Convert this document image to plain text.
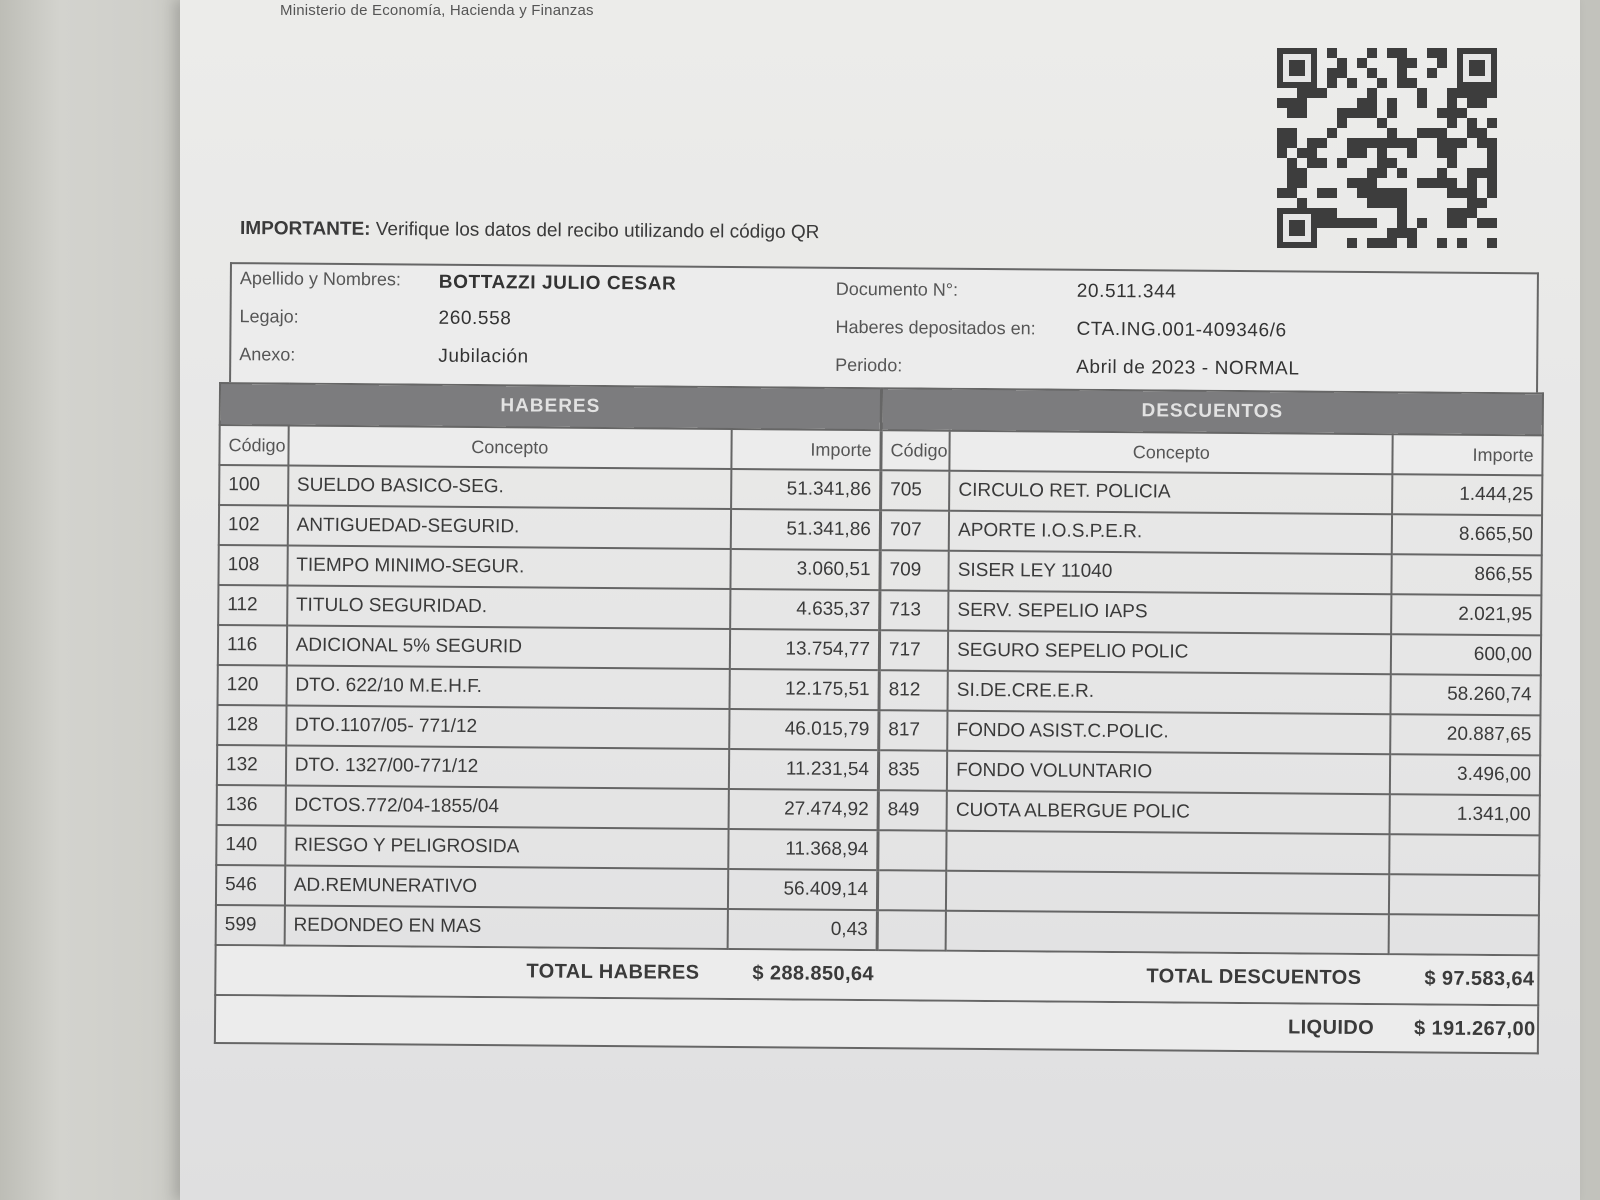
Ministerio de Economía, Hacienda y Finanzas
IMPORTANTE: Verifique los datos del recibo utilizando el código QR
Apellido y Nombres: BOTTAZZI JULIO CESAR
Legajo:	260.558
Anexo:	Jubilación
Documento N°:	20.511.344
Haberes depositados en: CTA.ING.001-409346/6
Periodo:	Abril de 2023 - NORMAL
HABERES			DESCUENTOS		
Código	Concepto	Importe	Código	Concepto	Importe
100	SUELDO BASICO-SEG.	51.341,86	705	CIRCULO RET. POLICIA	1.444,25
102	ANTIGUEDAD-SEGURID.	51.341,86	707	APORTE I.O.S.P.E.R.	8.665,50
108	TIEMPO MINIMO-SEGUR.	3.060,51	709	SISER LEY 11040	866,55
112	TITULO SEGURIDAD.	4.635,37	713	SERV. SEPELIO IAPS	2.021,95
116	ADICIONAL 5% SEGURID	13.754,77	717	SEGURO SEPELIO POLIC	600,00
120	DTO. 622/10 M.E.H.F.	12.175,51	812	SI.DE.CRE.E.R.	58.260,74
128	DTO.1107/05- 771/12	46.015,79	817	FONDO ASIST.C.POLIC.	20.887,65
132	DTO. 1327/00-771/12	11.231,54	835	FONDO VOLUNTARIO	3.496,00
136	DCTOS.772/04-1855/04	27.474,92	849	CUOTA ALBERGUE POLIC	1.341,00
140	RIESGO Y PELIGROSIDA	11.368,94			
546	AD.REMUNERATIVO	56.409,14			
599	REDONDEO EN MAS	0,43			
TOTAL HABERES	$ 288.850,64	TOTAL DESCUENTOS	$ 97.583,64
LIQUIDO $ 191.267,00
